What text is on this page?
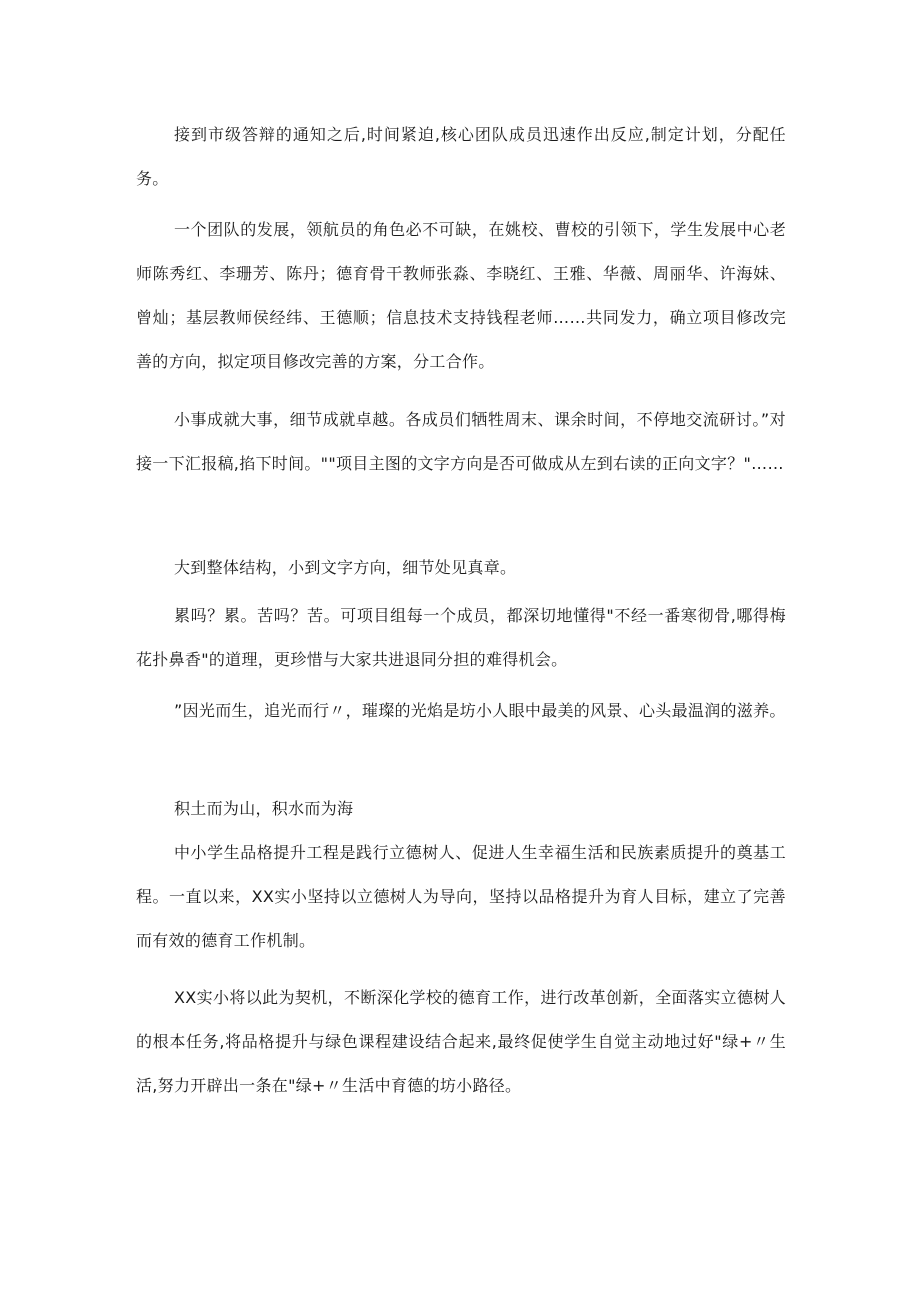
接到市级答辩的通知之后,时间紧迫,核心团队成员迅速作出反应,制定计划，分配任务。

一个团队的发展，领航员的角色必不可缺，在姚校、曹校的引领下，学生发展中心老师陈秀红、李珊芳、陈丹；德育骨干教师张淼、李晓红、王雅、华薇、周丽华、许海妹、曾灿；基层教师侯经纬、王德顺；信息技术支持钱程老师……共同发力，确立项目修改完善的方向，拟定项目修改完善的方案，分工合作。

小事成就大事，细节成就卓越。各成员们牺牲周末、课余时间，不停地交流研讨。”对接一下汇报稿,掐下时间。""项目主图的文字方向是否可做成从左到右读的正向文字？"……

大到整体结构，小到文字方向，细节处见真章。

累吗？累。苦吗？苦。可项目组每一个成员，都深切地懂得"不经一番寒彻骨,哪得梅花扑鼻香"的道理，更珍惜与大家共进退同分担的难得机会。

”因光而生，追光而行〃，璀璨的光焰是坊小人眼中最美的风景、心头最温润的滋养。

积土而为山，积水而为海

中小学生品格提升工程是践行立德树人、促进人生幸福生活和民族素质提升的奠基工程。一直以来，XX实小坚持以立德树人为导向，坚持以品格提升为育人目标，建立了完善而有效的德育工作机制。

XX实小将以此为契机，不断深化学校的德育工作，进行改革创新，全面落实立德树人的根本任务,将品格提升与绿色课程建设结合起来,最终促使学生自觉主动地过好"绿+〃生活,努力开辟出一条在"绿+〃生活中育德的坊小路径。
